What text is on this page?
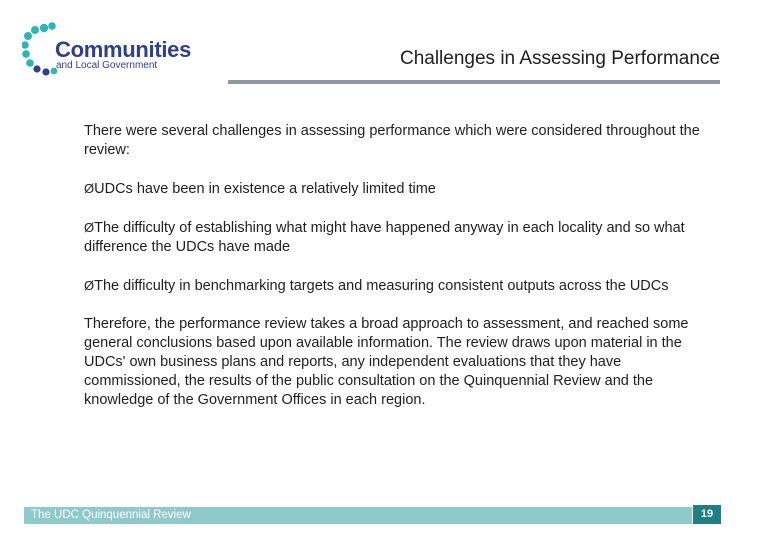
Communities
and Local Government	Challenges in Assessing Performance

There were several challenges in assessing performance which were considered throughout the review:

ØUDCs have been in existence a relatively limited time

ØThe difficulty of establishing what might have happened anyway in each locality and so what difference the UDCs have made

ØThe difficulty in benchmarking targets and measuring consistent outputs across the UDCs

Therefore, the performance review takes a broad approach to assessment, and reached some general conclusions based upon available information. The review draws upon material in the UDCs' own business plans and reports, any independent evaluations that they have commissioned, the results of the public consultation on the Quinquennial Review and the knowledge of the Government Offices in each region.

The UDC Quinquennial Review	19
